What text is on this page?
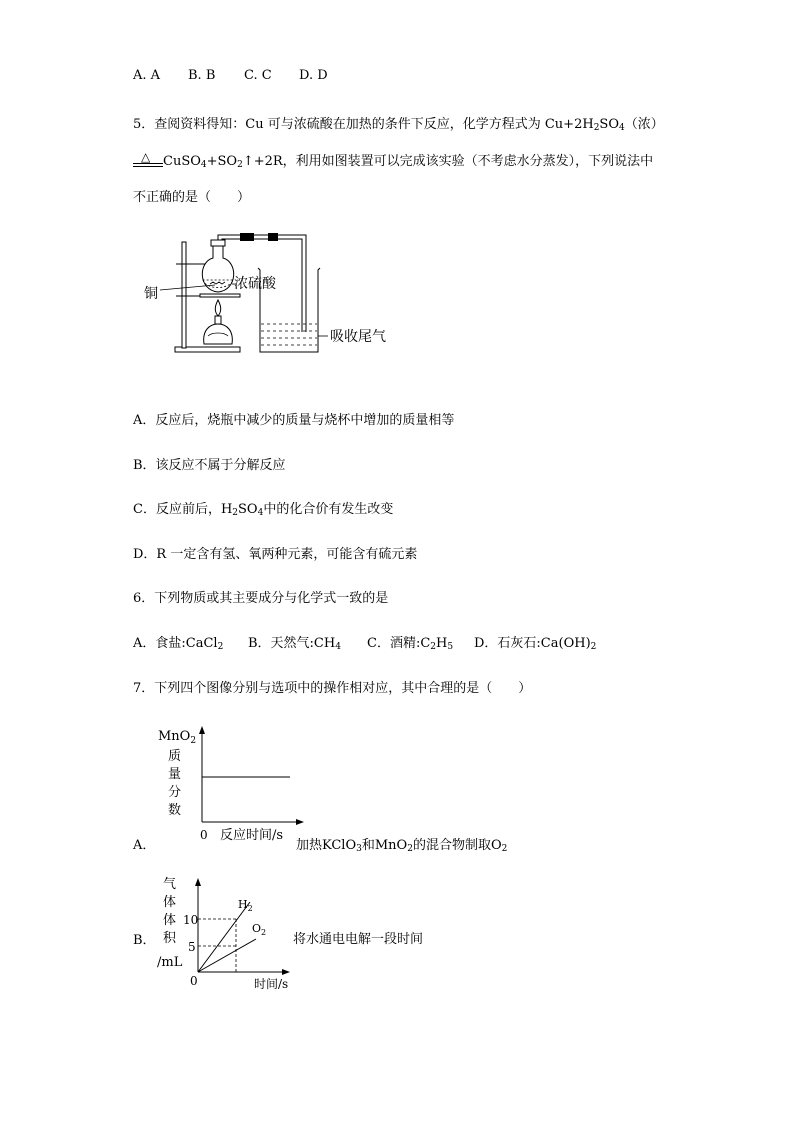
A. A B. B C. C D. D
5．查阅资料得知：Cu 可与浓硫酸在加热的条件下反应，化学方程式为 $Cu+2H_2SO_4$（浓）
△ $CuSO_4+SO_2↑+2R$，利用如图装置可以完成该实验（不考虑水分蒸发），下列说法中
不正确的是（　　）
铜
浓硫酸
吸收尾气
A．反应后，烧瓶中减少的质量与烧杯中增加的质量相等
B．该反应不属于分解反应
C．反应前后，$H_2SO_4$中的化合价有发生改变
D．R 一定含有氢、氧两种元素，可能含有硫元素
6．下列物质或其主要成分与化学式一致的是
A．食盐:CaCl$_2$ B．天然气$:CH_4$ C．酒精$:C_2H_5$ D．石灰石$:Ca(OH)_2$
7．下列四个图像分别与选项中的操作相对应，其中合理的是（　　）
MnO$_2$
质
量
分
数
0 反应时间/s
A．	加热KClO$_3$和MnO$_2$的混合物制取$O_2$
气
体
体
积
/mL
10
5
$H_2$
$O_2$
0	时间/s
B．	将水通电电解一段时间
